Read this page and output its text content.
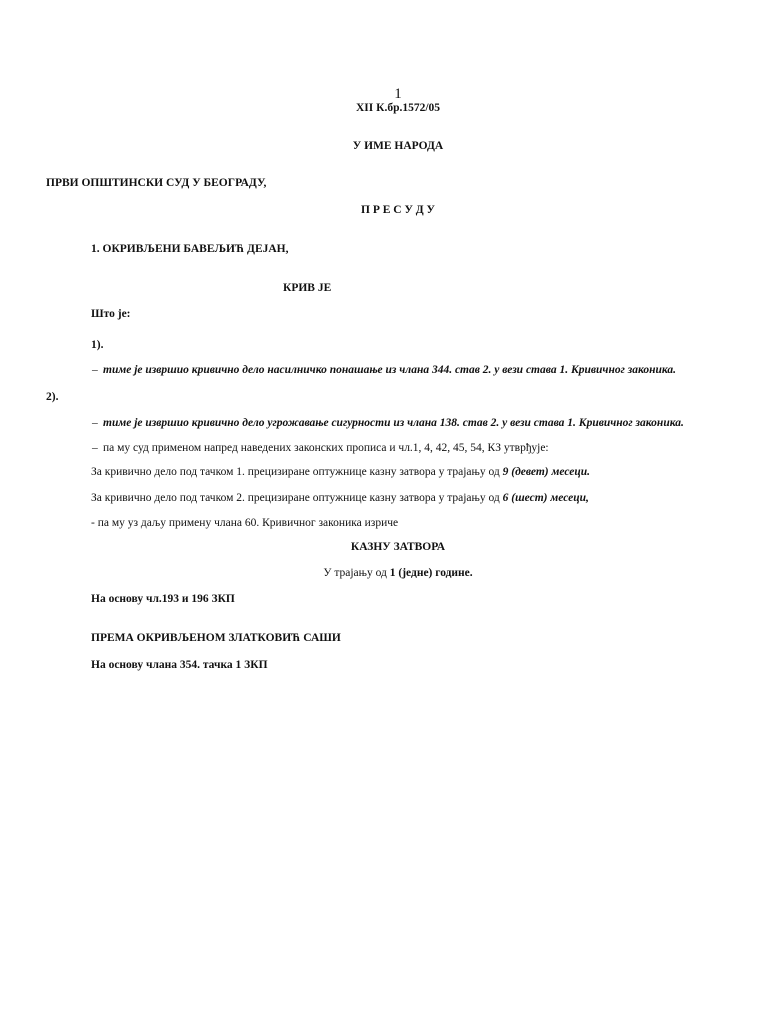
1

XII К.бр.1572/05

У ИМЕ НАРОДА

ПРВИ ОПШТИНСКИ СУД У БЕОГРАДУ,

П Р Е С У Д У

1. ОКРИВЉЕНИ БАВЕЉИЋ ДЕЈАН,

КРИВ ЈЕ

Што је:

1).

– тиме је извршио кривично дело насилничко понашање из члана 344. став 2. у вези става 1. Кривичног законика.

2).

– тиме је извршио кривично дело угрожавање сигурности из члана 138. став 2. у вези става 1. Кривичног законика.

– па му суд применом напред наведених законских прописа и чл.1, 4, 42, 45, 54, КЗ утврђује:

За кривично дело под тачком 1. прецизиране оптужнице казну затвора у трајању од 9 (девет) месеци.

За кривично дело под тачком 2. прецизиране оптужнице казну затвора у трајању од 6 (шест) месеци,

- па му уз даљу примену члана 60. Кривичног законика изриче

КАЗНУ ЗАТВОРА

У трајању од 1 (једне) године.

На основу чл.193 и 196 ЗКП

ПРЕМА ОКРИВЉЕНОМ ЗЛАТКОВИЋ САШИ

На основу члана 354. тачка 1 ЗКП
